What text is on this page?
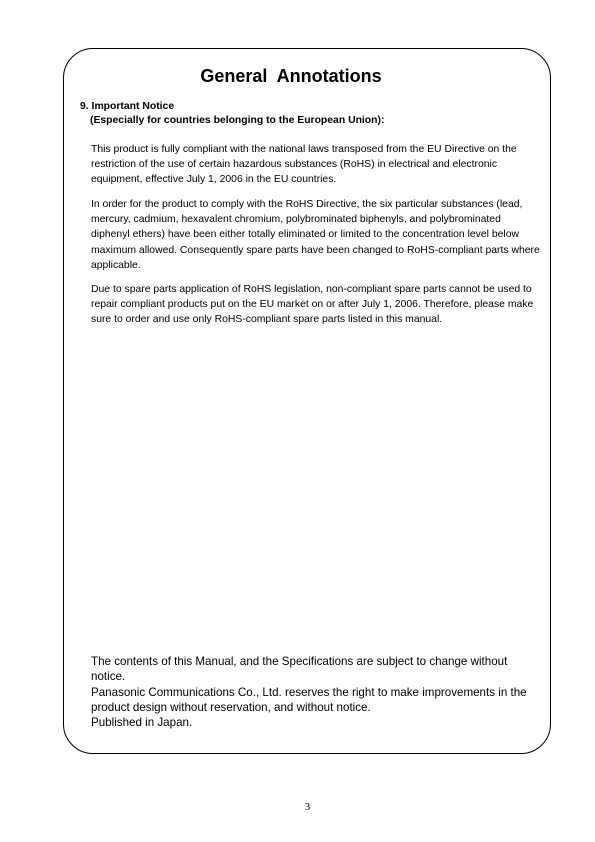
General Annotations
9. Important Notice
(Especially for countries belonging to the European Union):

This product is fully compliant with the national laws transposed from the EU Directive on the restriction of the use of certain hazardous substances (RoHS) in electrical and electronic equipment, effective July 1, 2006 in the EU countries.

In order for the product to comply with the RoHS Directive, the six particular substances (lead, mercury, cadmium, hexavalent chromium, polybrominated biphenyls, and polybrominated diphenyl ethers) have been either totally eliminated or limited to the concentration level below maximum allowed. Consequently spare parts have been changed to RoHS-compliant parts where applicable.

Due to spare parts application of RoHS legislation, non-compliant spare parts cannot be used to repair compliant products put on the EU market on or after July 1, 2006. Therefore, please make sure to order and use only RoHS-compliant spare parts listed in this manual.

The contents of this Manual, and the Specifications are subject to change without notice.
Panasonic Communications Co., Ltd. reserves the right to make improvements in the product design without reservation, and without notice.
Published in Japan.
3
